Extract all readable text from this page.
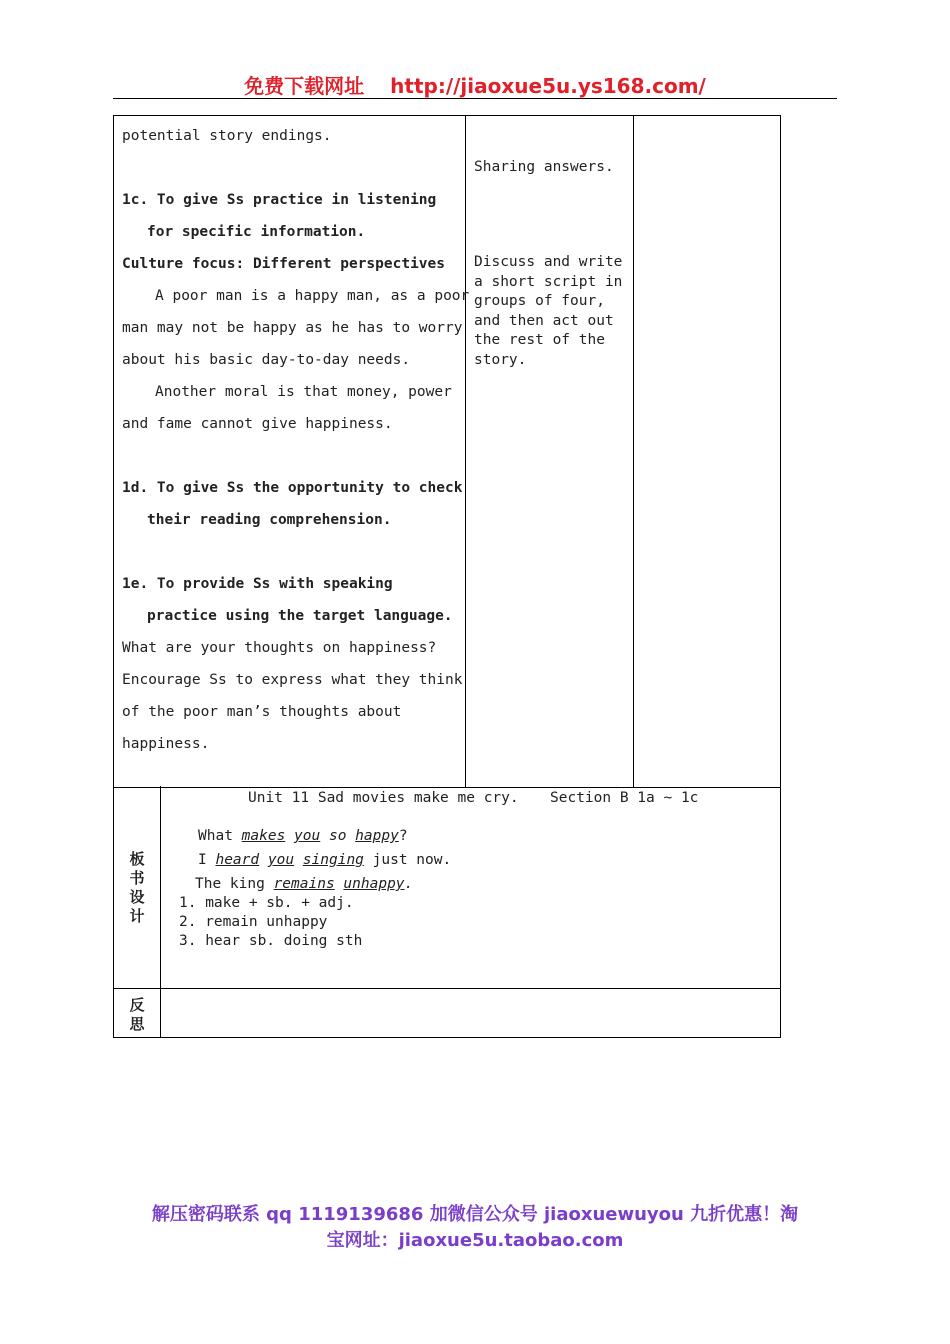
免费下载网址 http://jiaoxue5u.ys168.com/
potential story endings.
1c. To give Ss practice in listening
for specific information.
Culture focus: Different perspectives
A poor man is a happy man, as a poor
man may not be happy as he has to worry
about his basic day-to-day needs.
Another moral is that money, power
and fame cannot give happiness.
1d. To give Ss the opportunity to check
their reading comprehension.
1e. To provide Ss with speaking
practice using the target language.
What are your thoughts on happiness?
Encourage Ss to express what they think
of the poor man’s thoughts about
happiness.
Sharing answers.
Discuss and write
a short script in
groups of four,
and then act out
the rest of the
story.
板
书
设
计
Unit 11 Sad movies make me cry. Section B 1a ~ 1c
What makes you so happy?
I heard you singing just now.
The king remains unhappy.
1. make + sb. + adj.
2. remain unhappy
3. hear sb. doing sth
反
思
解压密码联系 qq 1119139686 加微信公众号 jiaoxuewuyou 九折优惠！淘
宝网址：jiaoxue5u.taobao.com
